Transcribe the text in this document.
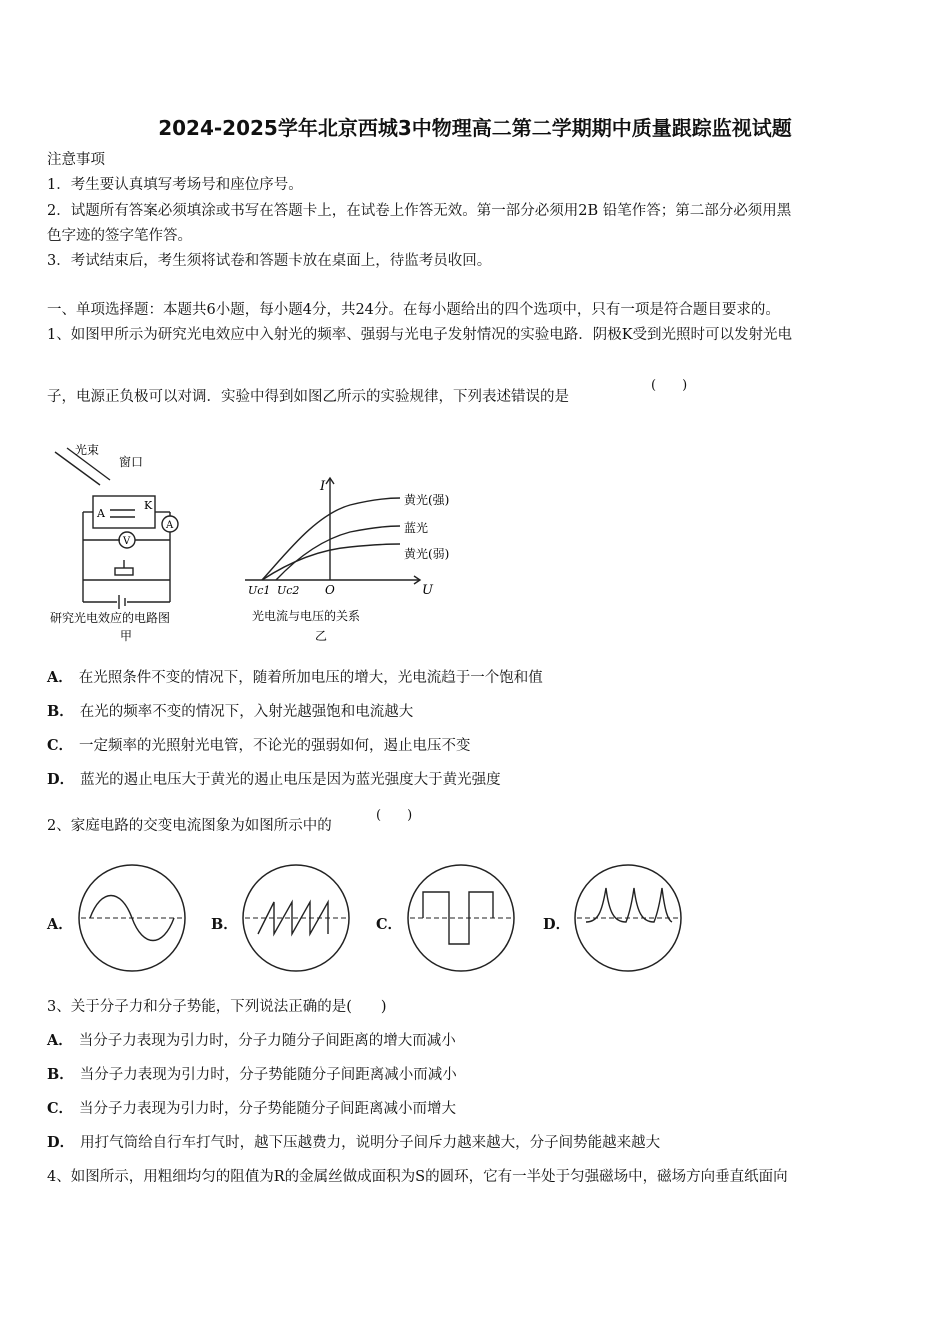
2024-2025学年北京西城3中物理高二第二学期期中质量跟踪监视试题
注意事项
1．考生要认真填写考场号和座位序号。
2．试题所有答案必须填涂或书写在答题卡上，在试卷上作答无效。第一部分必须用2B 铅笔作答；第二部分必须用黑
色字迹的签字笔作答。
3．考试结束后，考生须将试卷和答题卡放在桌面上，待监考员收回。
一、单项选择题：本题共6小题，每小题4分，共24分。在每小题给出的四个选项中，只有一项是符合题目要求的。
1、如图甲所示为研究光电效应中入射光的频率、强弱与光电子发射情况的实验电路．阴极K受到光照时可以发射光电
子，电源正负极可以对调．实验中得到如图乙所示的实验规律，下列表述错误的是
(　　)
光束
窗口
A
K
A
V
研究光电效应的电路图
甲
I
U
O
Uc1 Uc2
黄光(强)
蓝光
黄光(弱)
光电流与电压的关系
乙
A． 在光照条件不变的情况下，随着所加电压的增大，光电流趋于一个饱和值
B． 在光的频率不变的情况下，入射光越强饱和电流越大
C． 一定频率的光照射光电管，不论光的强弱如何，遏止电压不变
D． 蓝光的遏止电压大于黄光的遏止电压是因为蓝光强度大于黄光强度
2、家庭电路的交变电流图象为如图所示中的
(　　)
A．	B．	C．	D．
3、关于分子力和分子势能，下列说法正确的是(　　)
A． 当分子力表现为引力时，分子力随分子间距离的增大而减小
B． 当分子力表现为引力时，分子势能随分子间距离减小而减小
C． 当分子力表现为引力时，分子势能随分子间距离减小而增大
D． 用打气筒给自行车打气时，越下压越费力，说明分子间斥力越来越大，分子间势能越来越大
4、如图所示，用粗细均匀的阻值为R的金属丝做成面积为S的圆环，它有一半处于匀强磁场中，磁场方向垂直纸面向
